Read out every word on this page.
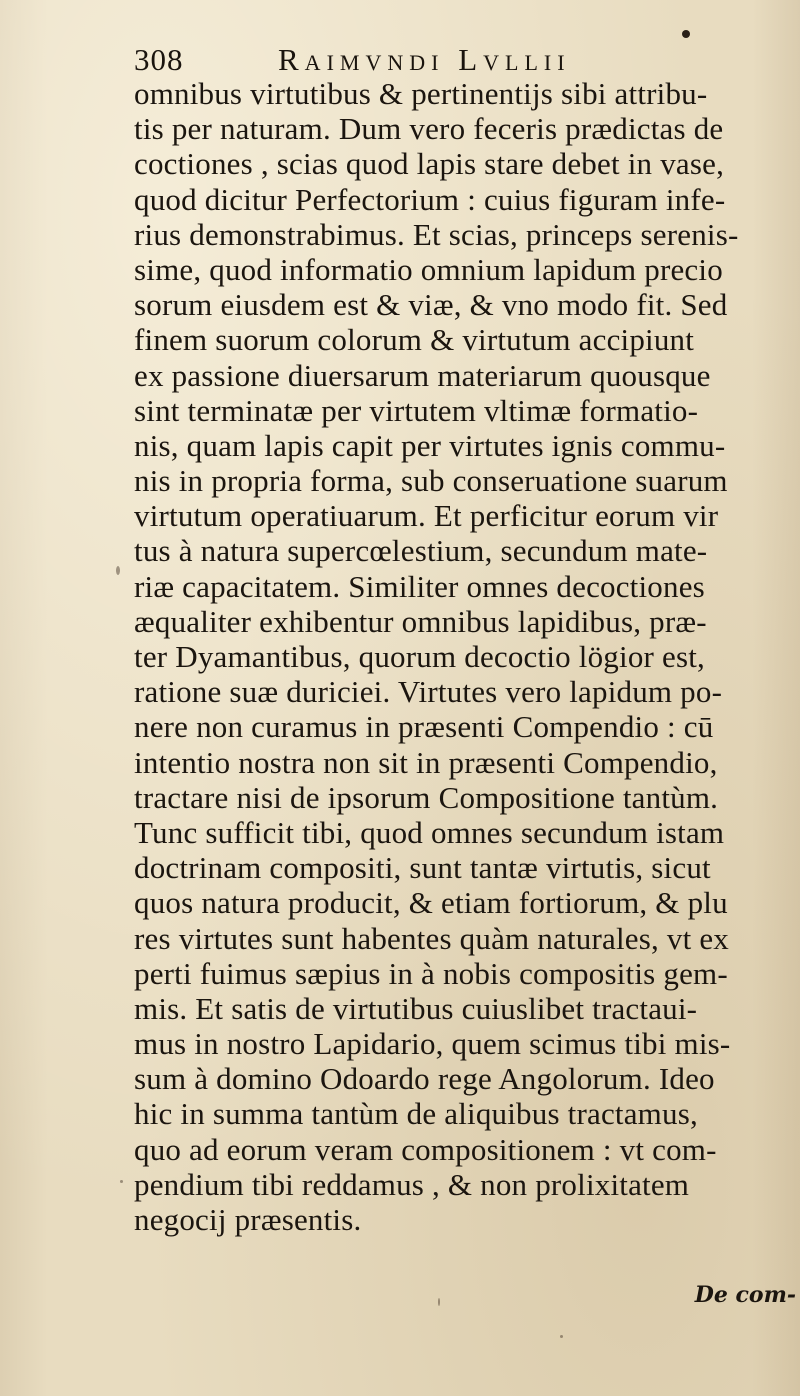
308	Raimvndi Lvllii
omnibus virtutibus & pertinentijs sibi attribu-
tis per naturam. Dum vero feceris prædictas de
coctiones , scias quod lapis stare debet in vase,
quod dicitur Perfectorium : cuius figuram infe-
rius demonstrabimus. Et scias, princeps serenis-
sime, quod informatio omnium lapidum precio
sorum eiusdem est & viæ, & vno modo fit. Sed
finem suorum colorum & virtutum accipiunt
ex passione diuersarum materiarum quousque
sint terminatæ per virtutem vltimæ formatio-
nis, quam lapis capit per virtutes ignis commu-
nis in propria forma, sub conseruatione suarum
virtutum operatiuarum. Et perficitur eorum vir
tus à natura supercœlestium, secundum mate-
riæ capacitatem. Similiter omnes decoctiones
æqualiter exhibentur omnibus lapidibus, præ-
ter Dyamantibus, quorum decoctio lögior est,
ratione suæ duriciei. Virtutes vero lapidum po-
nere non curamus in præsenti Compendio : cū
intentio nostra non sit in præsenti Compendio,
tractare nisi de ipsorum Compositione tantùm.
Tunc sufficit tibi, quod omnes secundum istam
doctrinam compositi, sunt tantæ virtutis, sicut
quos natura producit, & etiam fortiorum, & plu
res virtutes sunt habentes quàm naturales, vt ex
perti fuimus sæpius in à nobis compositis gem-
mis. Et satis de virtutibus cuiuslibet tractaui-
mus in nostro Lapidario, quem scimus tibi mis-
sum à domino Odoardo rege Angolorum. Ideo
hic in summa tantùm de aliquibus tractamus,
quo ad eorum veram compositionem : vt com-
pendium tibi reddamus , & non prolixitatem
negocij præsentis.
De com-
